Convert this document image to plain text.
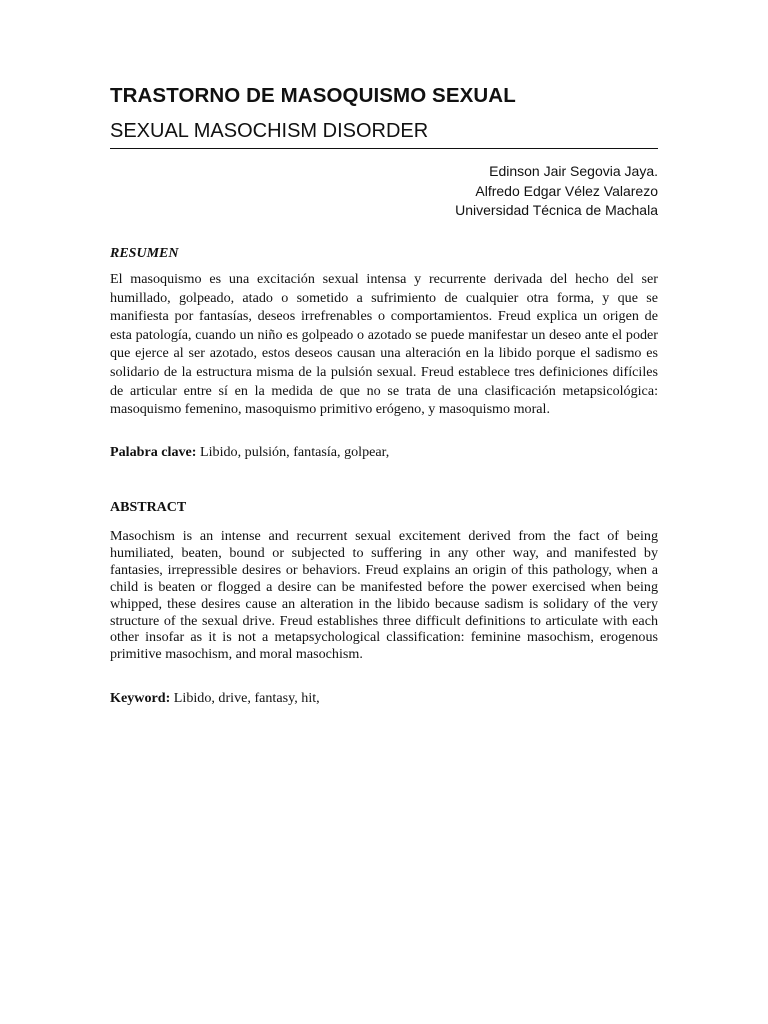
TRASTORNO DE MASOQUISMO SEXUAL
SEXUAL MASOCHISM DISORDER
Edinson Jair Segovia Jaya.
Alfredo Edgar Vélez Valarezo
Universidad Técnica de Machala
RESUMEN

El masoquismo es una excitación sexual intensa y recurrente derivada del hecho del ser humillado, golpeado, atado o sometido a sufrimiento de cualquier otra forma, y que se manifiesta por fantasías, deseos irrefrenables o comportamientos. Freud explica un origen de esta patología, cuando un niño es golpeado o azotado se puede manifestar un deseo ante el poder que ejerce al ser azotado, estos deseos causan una alteración en la libido porque el sadismo es solidario de la estructura misma de la pulsión sexual. Freud establece tres definiciones difíciles de articular entre sí en la medida de que no se trata de una clasificación metapsicológica: masoquismo femenino, masoquismo primitivo erógeno, y masoquismo moral.

Palabra clave: Libido, pulsión, fantasía, golpear,

ABSTRACT

Masochism is an intense and recurrent sexual excitement derived from the fact of being humiliated, beaten, bound or subjected to suffering in any other way, and manifested by fantasies, irrepressible desires or behaviors. Freud explains an origin of this pathology, when a child is beaten or flogged a desire can be manifested before the power exercised when being whipped, these desires cause an alteration in the libido because sadism is solidary of the very structure of the sexual drive. Freud establishes three difficult definitions to articulate with each other insofar as it is not a metapsychological classification: feminine masochism, erogenous primitive masochism, and moral masochism.

Keyword: Libido, drive, fantasy, hit,
